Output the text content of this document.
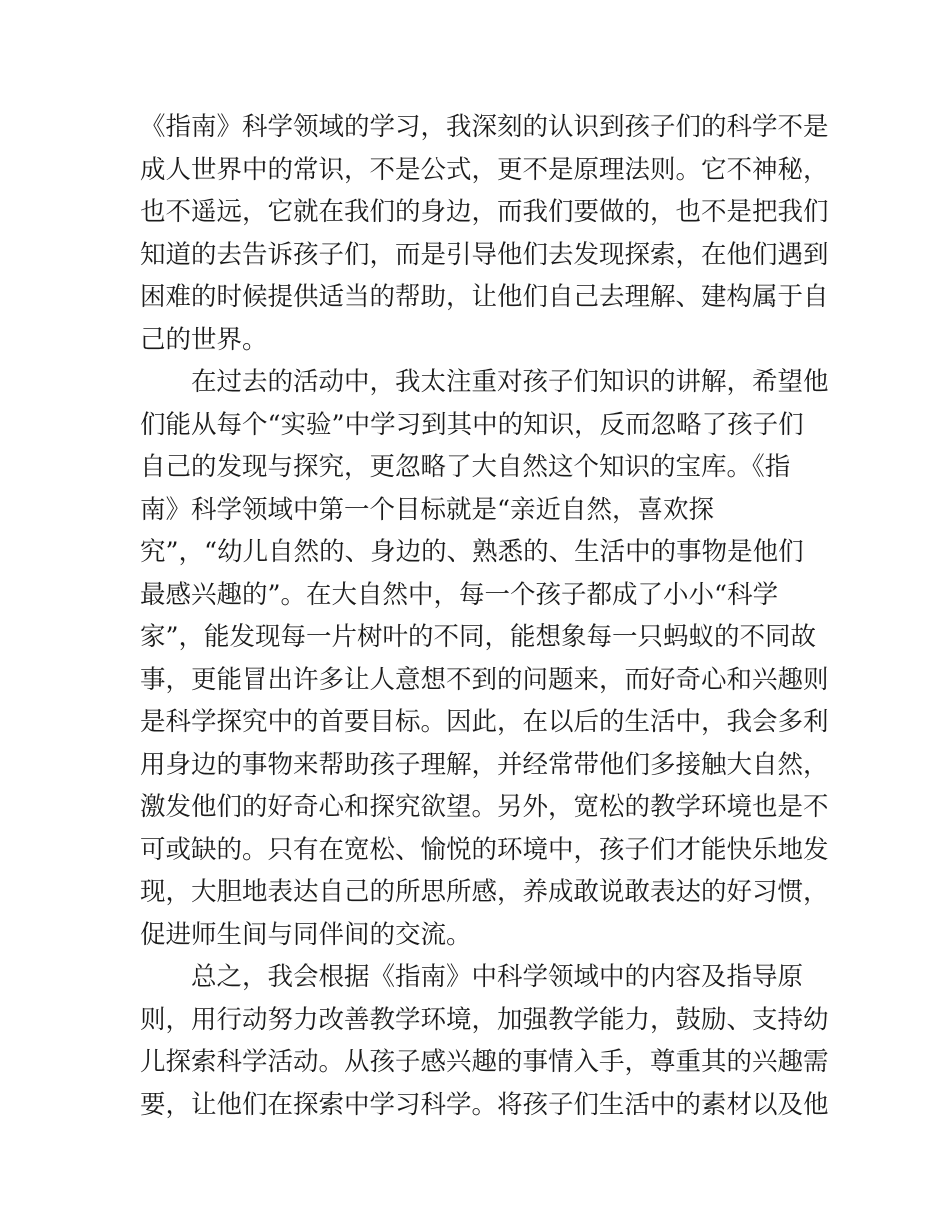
《指南》科学领域的学习，我深刻的认识到孩子们的科学不是
成人世界中的常识，不是公式，更不是原理法则。它不神秘，
也不遥远，它就在我们的身边，而我们要做的，也不是把我们
知道的去告诉孩子们，而是引导他们去发现探索，在他们遇到
困难的时候提供适当的帮助，让他们自己去理解、建构属于自
己的世界。
　　在过去的活动中，我太注重对孩子们知识的讲解，希望他
们能从每个“实验”中学习到其中的知识，反而忽略了孩子们
自己的发现与探究，更忽略了大自然这个知识的宝库。《指
南》科学领域中第一个目标就是“亲近自然，喜欢探
究”，“幼儿自然的、身边的、熟悉的、生活中的事物是他们
最感兴趣的”。在大自然中，每一个孩子都成了小小“科学
家”，能发现每一片树叶的不同，能想象每一只蚂蚁的不同故
事，更能冒出许多让人意想不到的问题来，而好奇心和兴趣则
是科学探究中的首要目标。因此，在以后的生活中，我会多利
用身边的事物来帮助孩子理解，并经常带他们多接触大自然，
激发他们的好奇心和探究欲望。另外，宽松的教学环境也是不
可或缺的。只有在宽松、愉悦的环境中，孩子们才能快乐地发
现，大胆地表达自己的所思所感，养成敢说敢表达的好习惯，
促进师生间与同伴间的交流。
　　总之，我会根据《指南》中科学领域中的内容及指导原
则，用行动努力改善教学环境，加强教学能力，鼓励、支持幼
儿探索科学活动。从孩子感兴趣的事情入手，尊重其的兴趣需
要，让他们在探索中学习科学。将孩子们生活中的素材以及他
